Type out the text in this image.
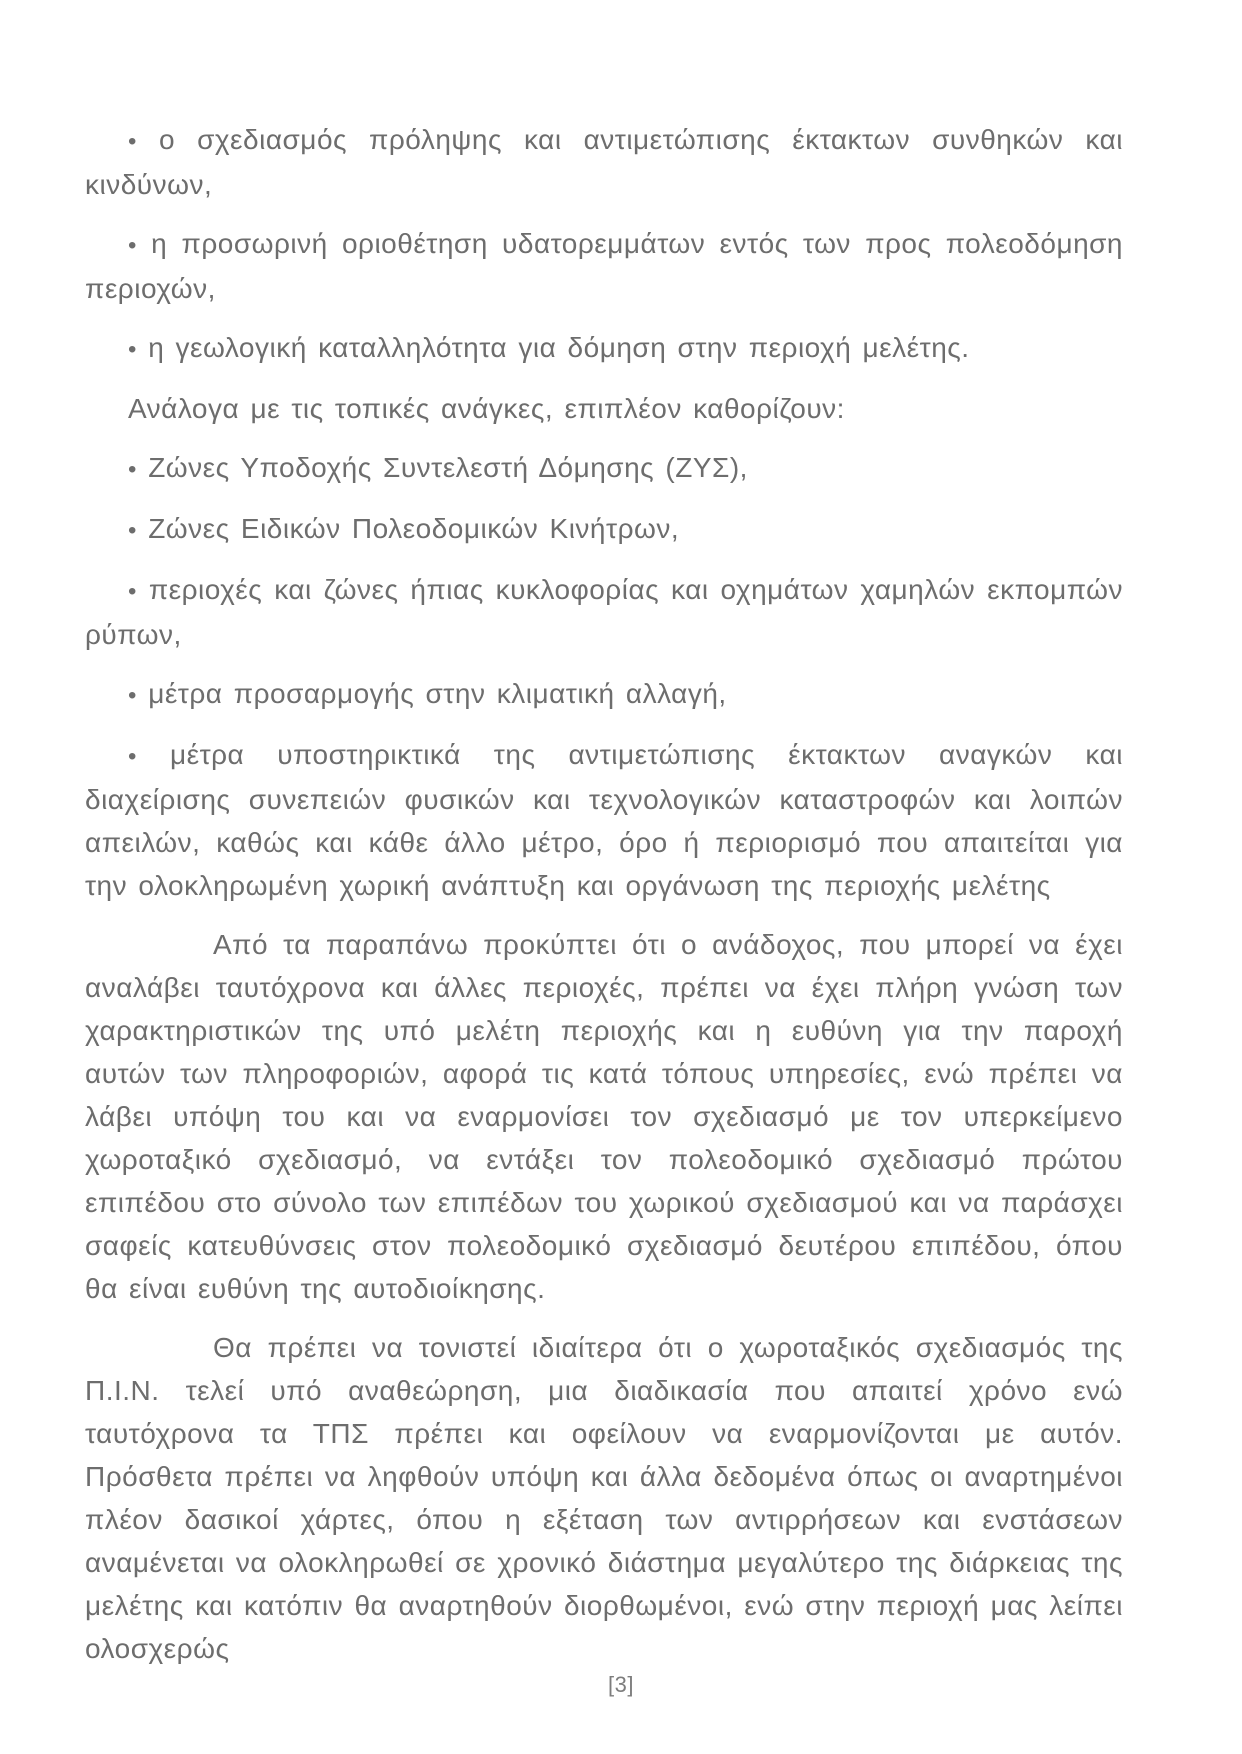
• ο σχεδιασμός πρόληψης και αντιμετώπισης έκτακτων συνθηκών και κινδύνων,

• η προσωρινή οριοθέτηση υδατορεμμάτων εντός των προς πολεοδόμηση περιοχών,

• η γεωλογική καταλληλότητα για δόμηση στην περιοχή μελέτης.

Ανάλογα με τις τοπικές ανάγκες, επιπλέον καθορίζουν:

• Ζώνες Υποδοχής Συντελεστή Δόμησης (ΖΥΣ),

• Ζώνες Ειδικών Πολεοδομικών Κινήτρων,

• περιοχές και ζώνες ήπιας κυκλοφορίας και οχημάτων χαμηλών εκπομπών ρύπων,

• μέτρα προσαρμογής στην κλιματική αλλαγή,

• μέτρα υποστηρικτικά της αντιμετώπισης έκτακτων αναγκών και διαχείρισης συνεπειών φυσικών και τεχνολογικών καταστροφών και λοιπών απειλών, καθώς και κάθε άλλο μέτρο, όρο ή περιορισμό που απαιτείται για την ολοκληρωμένη χωρική ανάπτυξη και οργάνωση της περιοχής μελέτης

Από τα παραπάνω προκύπτει ότι ο ανάδοχος, που μπορεί να έχει αναλάβει ταυτόχρονα και άλλες περιοχές, πρέπει να έχει πλήρη γνώση των χαρακτηριστικών της υπό μελέτη περιοχής και η ευθύνη για την παροχή αυτών των πληροφοριών, αφορά τις κατά τόπους υπηρεσίες, ενώ πρέπει να λάβει υπόψη του και να εναρμονίσει τον σχεδιασμό με τον υπερκείμενο χωροταξικό σχεδιασμό, να εντάξει τον πολεοδομικό σχεδιασμό πρώτου επιπέδου στο σύνολο των επιπέδων του χωρικού σχεδιασμού και να παράσχει σαφείς κατευθύνσεις στον πολεοδομικό σχεδιασμό δευτέρου επιπέδου, όπου θα είναι ευθύνη της αυτοδιοίκησης.

Θα πρέπει να τονιστεί ιδιαίτερα ότι ο χωροταξικός σχεδιασμός της Π.Ι.Ν. τελεί υπό αναθεώρηση, μια διαδικασία που απαιτεί χρόνο ενώ ταυτόχρονα τα ΤΠΣ πρέπει και οφείλουν να εναρμονίζονται με αυτόν. Πρόσθετα πρέπει να ληφθούν υπόψη και άλλα δεδομένα όπως οι αναρτημένοι πλέον δασικοί χάρτες, όπου η εξέταση των αντιρρήσεων και ενστάσεων αναμένεται να ολοκληρωθεί σε χρονικό διάστημα μεγαλύτερο της διάρκειας της μελέτης και κατόπιν θα αναρτηθούν διορθωμένοι, ενώ στην περιοχή μας λείπει ολοσχερώς

[3]
